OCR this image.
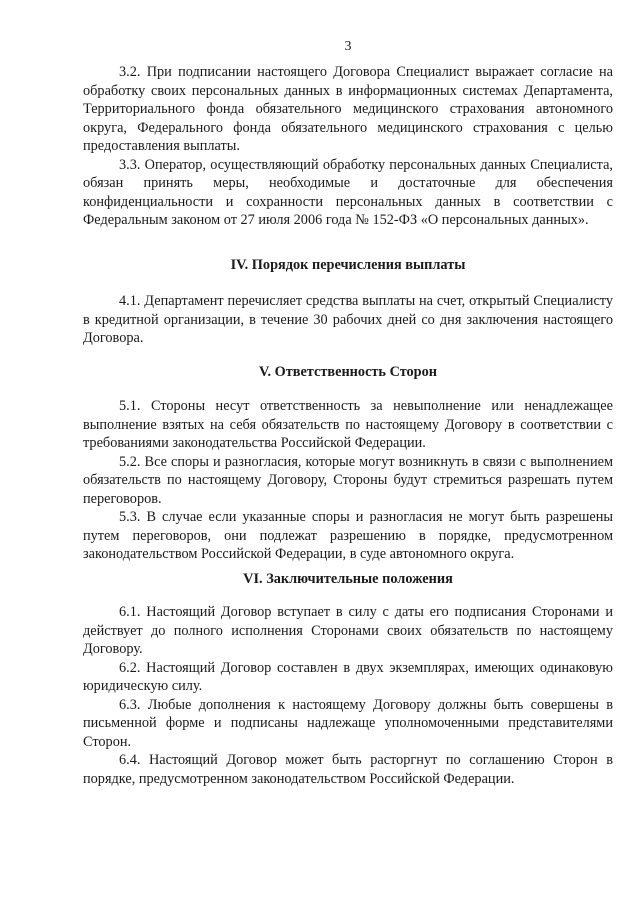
3

3.2. При подписании настоящего Договора Специалист выражает согласие на обработку своих персональных данных в информационных системах Департамента, Территориального фонда обязательного медицинского страхования автономного округа, Федерального фонда обязательного медицинского страхования с целью предоставления выплаты.

3.3. Оператор, осуществляющий обработку персональных данных Специалиста, обязан принять меры, необходимые и достаточные для обеспечения конфиденциальности и сохранности персональных данных в соответствии с Федеральным законом от 27 июля 2006 года № 152-ФЗ «О персональных данных».

IV. Порядок перечисления выплаты

4.1. Департамент перечисляет средства выплаты на счет, открытый Специалисту в кредитной организации, в течение 30 рабочих дней со дня заключения настоящего Договора.

V. Ответственность Сторон

5.1. Стороны несут ответственность за невыполнение или ненадлежащее выполнение взятых на себя обязательств по настоящему Договору в соответствии с требованиями законодательства Российской Федерации.

5.2. Все споры и разногласия, которые могут возникнуть в связи с выполнением обязательств по настоящему Договору, Стороны будут стремиться разрешать путем переговоров.

5.3. В случае если указанные споры и разногласия не могут быть разрешены путем переговоров, они подлежат разрешению в порядке, предусмотренном законодательством Российской Федерации, в суде автономного округа.

VI. Заключительные положения

6.1. Настоящий Договор вступает в силу с даты его подписания Сторонами и действует до полного исполнения Сторонами своих обязательств по настоящему Договору.

6.2. Настоящий Договор составлен в двух экземплярах, имеющих одинаковую юридическую силу.

6.3. Любые дополнения к настоящему Договору должны быть совершены в письменной форме и подписаны надлежаще уполномоченными представителями Сторон.

6.4. Настоящий Договор может быть расторгнут по соглашению Сторон в порядке, предусмотренном законодательством Российской Федерации.
